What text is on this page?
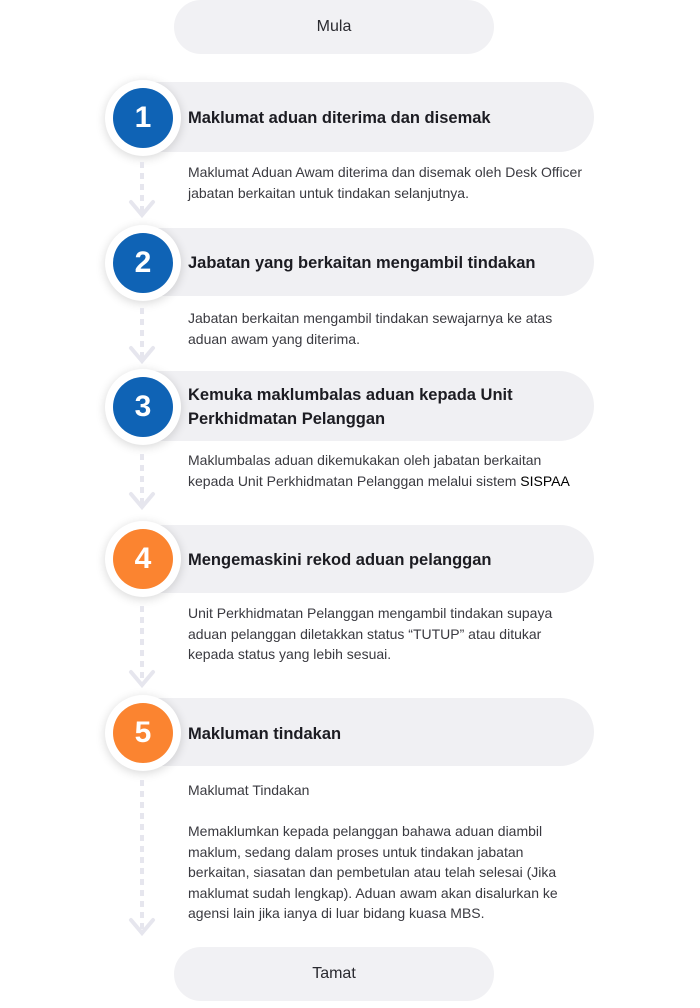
Mula
1	Maklumat aduan diterima dan disemak
Maklumat Aduan Awam diterima dan disemak oleh Desk Officer jabatan berkaitan untuk tindakan selanjutnya.
2	Jabatan yang berkaitan mengambil tindakan
Jabatan berkaitan mengambil tindakan sewajarnya ke atas aduan awam yang diterima.
3	Kemuka maklumbalas aduan kepada Unit Perkhidmatan Pelanggan
Maklumbalas aduan dikemukakan oleh jabatan berkaitan kepada Unit Perkhidmatan Pelanggan melalui sistem SISPAA
4	Mengemaskini rekod aduan pelanggan
Unit Perkhidmatan Pelanggan mengambil tindakan supaya aduan pelanggan diletakkan status “TUTUP” atau ditukar kepada status yang lebih sesuai.
5	Makluman tindakan
Maklumat Tindakan
Memaklumkan kepada pelanggan bahawa aduan diambil maklum, sedang dalam proses untuk tindakan jabatan berkaitan, siasatan dan pembetulan atau telah selesai (Jika maklumat sudah lengkap). Aduan awam akan disalurkan ke agensi lain jika ianya di luar bidang kuasa MBS.
Tamat
